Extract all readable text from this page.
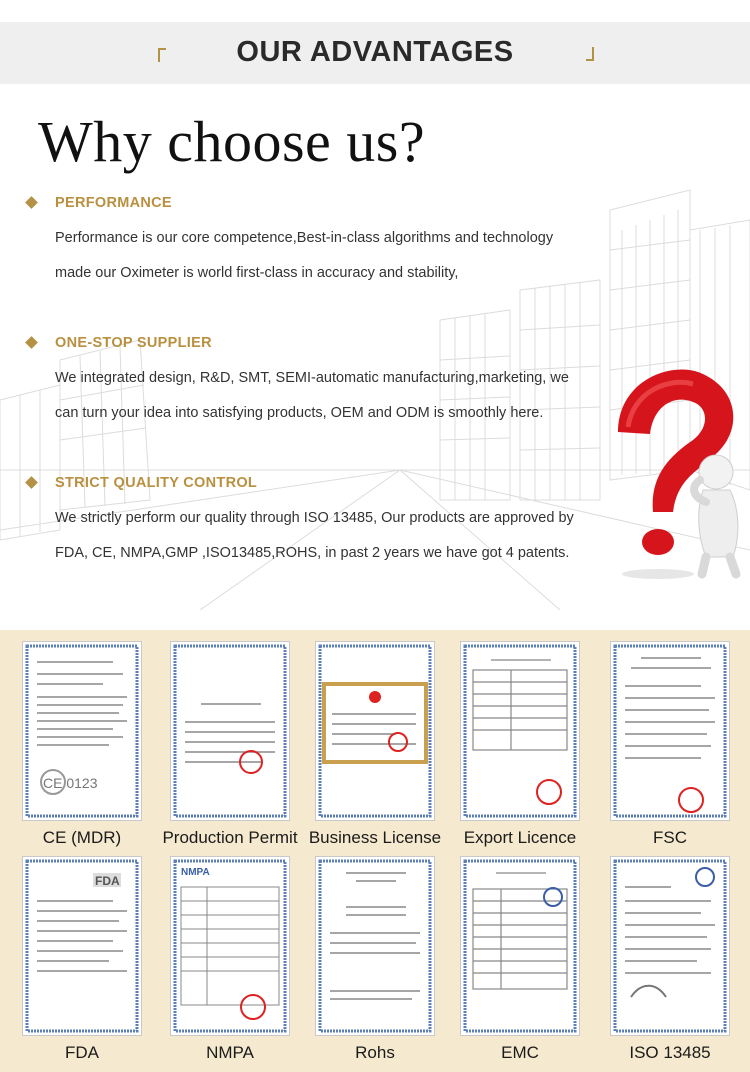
OUR ADVANTAGES
Why choose us?
PERFORMANCE
Performance is our core competence,Best-in-class algorithms and technology
made our Oximeter is world first-class in accuracy and stability,
ONE-STOP SUPPLIER
We integrated design, R&D, SMT, SEMI-automatic manufacturing,marketing, we
can turn your idea into satisfying products, OEM and ODM is smoothly here.
STRICT QUALITY CONTROL
We strictly perform our quality through ISO 13485, Our products are approved by
FDA, CE, NMPA,GMP ,ISO13485,ROHS, in past 2 years we have got 4 patents.
CE 0123
CE (MDR)	Production Permit Business License	Export Licence	FSC
FDA
FDA
NMPA
NMPA	Rohs	EMC	ISO 13485
